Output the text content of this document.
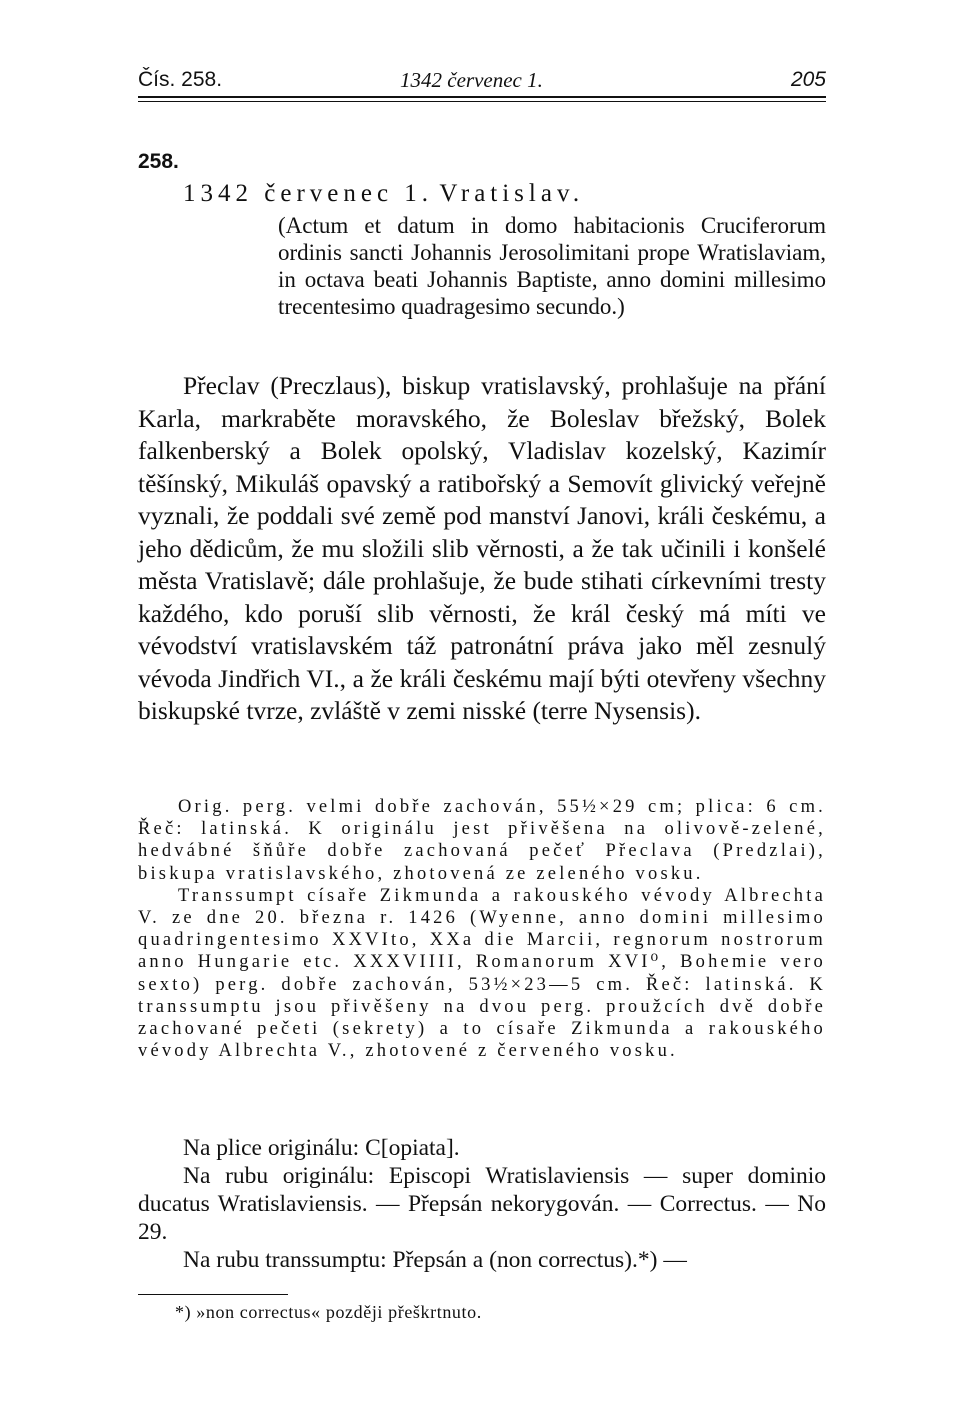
Čís. 258.	1342 červenec 1.	205
258.
1342 červenec 1. Vratislav.
(Actum et datum in domo habitacionis Cruciferorum ordinis sancti Johannis Jerosolimitani prope Wratislaviam, in octava beati Johannis Baptiste, anno domini millesimo trecentesimo quadragesimo secundo.)
Přeclav (Preczlaus), biskup vratislavský, prohlašuje na přání Karla, markraběte moravského, že Boleslav břežský, Bolek falkenberský a Bolek opolský, Vladislav kozelský, Kazimír těšínský, Mikuláš opavský a ratibořský a Semovít glivický veřejně vyznali, že poddali své země pod manství Janovi, králi českému, a jeho dědicům, že mu složili slib věrnosti, a že tak učinili i konšelé města Vratislavě; dále prohlašuje, že bude stihati církevními tresty každého, kdo poruší slib věrnosti, že král český má míti ve vévodství vratislavském táž patronátní práva jako měl zesnulý vévoda Jindřich VI., a že králi českému mají býti otevřeny všechny biskupské tvrze, zvláště v zemi nisské (terre Nysensis).

Orig. perg. velmi dobře zachován, 55½×29 cm; plica: 6 cm. Řeč: latinská. K originálu jest přivěšena na olivově-zelené, hedvábné šňůře dobře zachovaná pečeť Přeclava (Predzlai), biskupa vratislavského, zhotovená ze zeleného vosku.

Transsumpt císaře Zikmunda a rakouského vévody Albrechta V. ze dne 20. března r. 1426 (Wyenne, anno domini millesimo quadringentesimo XXVIto, XXa die Marcii, regnorum nostrorum anno Hungarie etc. XXXVIIII, Romanorum XVI⁰, Bohemie vero sexto) perg. dobře zachován, 53½×23—5 cm. Řeč: latinská. K transsumptu jsou přivěšeny na dvou perg. proužcích dvě dobře zachované pečeti (sekrety) a to císaře Zikmunda a rakouského vévody Albrechta V., zhotovené z červeného vosku.

Na plice originálu: C[opiata].

Na rubu originálu: Episcopi Wratislaviensis — super dominio ducatus Wratislaviensis. — Přepsán nekorygován. — Correctus. — No 29.

Na rubu transsumptu: Přepsán a (non correctus).*) —

*) »non correctus« později přeškrtnuto.
